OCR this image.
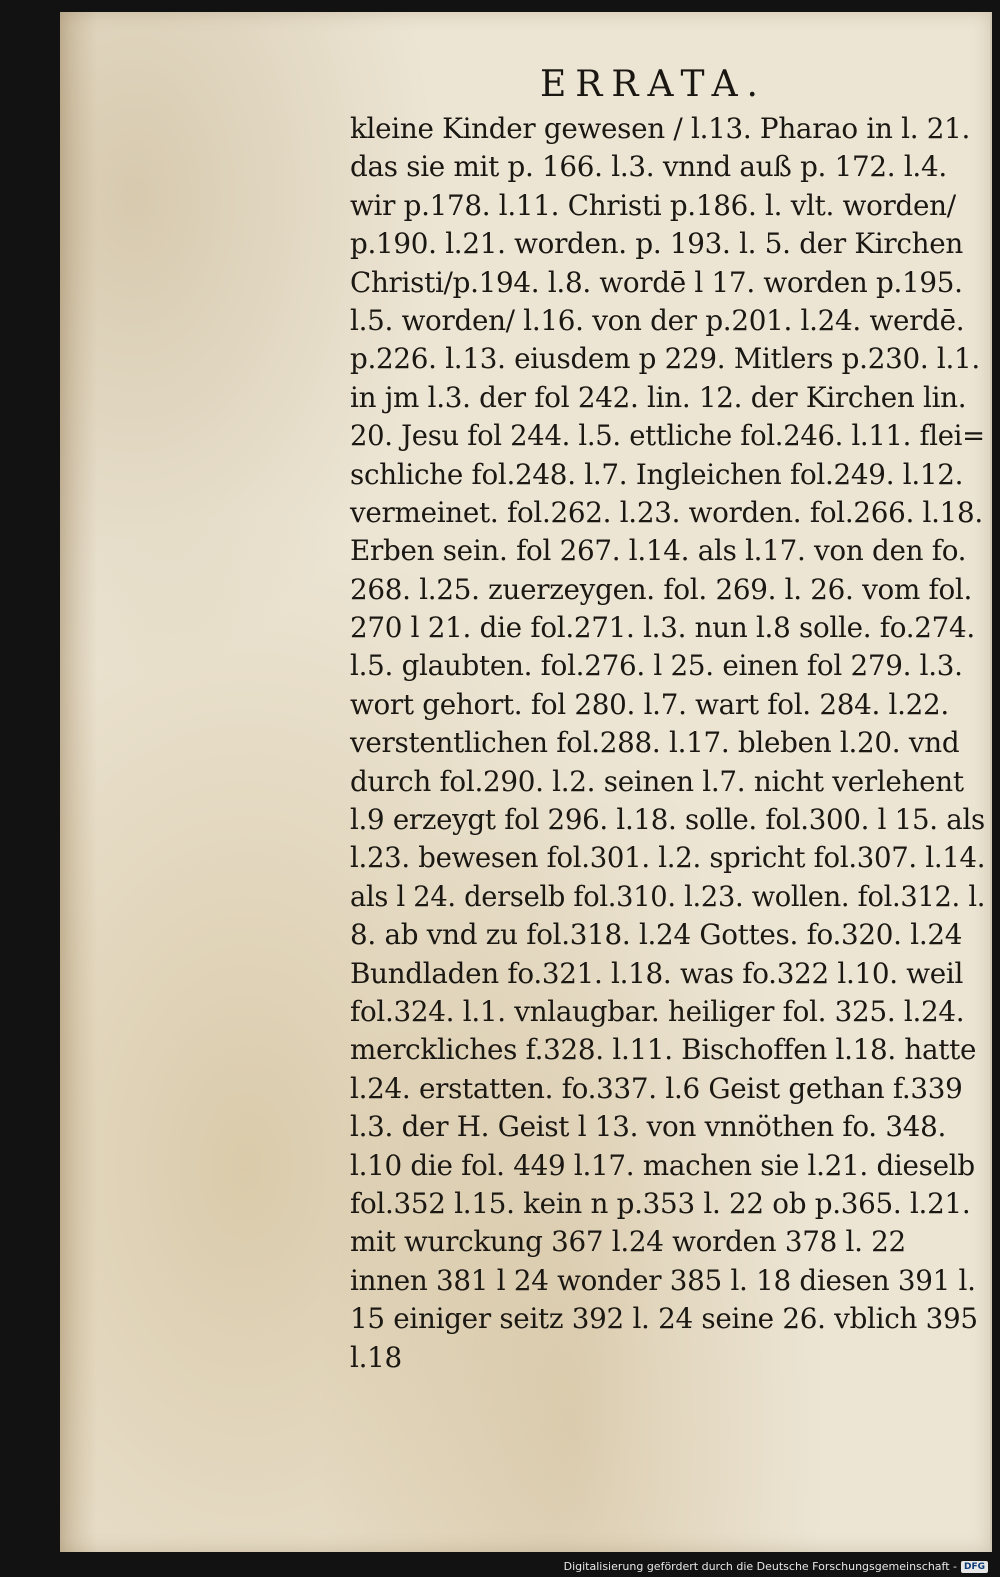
ERRATA.
kleine Kinder gewesen / l.13. Pharao in l. 21.
das sie mit p. 166. l.3. vnnd auß p. 172. l.4.
wir p.178. l.11. Christi p.186. l. vlt. worden/
p.190. l.21. worden. p. 193. l. 5. der Kirchen
Christi/p.194. l.8. wordē l 17. worden p.195.
l.5. worden/ l.16. von der p.201. l.24. werdē.
p.226. l.13. eiusdem p 229. Mitlers p.230. l.1.
in jm l.3. der fol 242. lin. 12. der Kirchen lin.
20. Jesu fol 244. l.5. ettliche fol.246. l.11. flei=
schliche fol.248. l.7. Ingleichen fol.249. l.12.
vermeinet. fol.262. l.23. worden. fol.266. l.18.
Erben sein. fol 267. l.14. als l.17. von den fo.
268. l.25. zuerzeygen. fol. 269. l. 26. vom fol.
270 l 21. die fol.271. l.3. nun l.8 solle. fo.274.
l.5. glaubten. fol.276. l 25. einen fol 279. l.3.
wort gehort. fol 280. l.7. wart fol. 284. l.22.
verstentlichen fol.288. l.17. bleben l.20. vnd
durch fol.290. l.2. seinen l.7. nicht verlehent
l.9 erzeygt fol 296. l.18. solle. fol.300. l 15. als
l.23. bewesen fol.301. l.2. spricht fol.307. l.14.
als l 24. derselb fol.310. l.23. wollen. fol.312. l.
8. ab vnd zu fol.318. l.24 Gottes. fo.320. l.24
Bundladen fo.321. l.18. was fo.322 l.10. weil
fol.324. l.1. vnlaugbar. heiliger fol. 325. l.24.
merckliches f.328. l.11. Bischoffen l.18. hatte
l.24. erstatten. fo.337. l.6 Geist gethan f.339
l.3. der H. Geist l 13. von vnnöthen fo. 348.
l.10 die fol. 449 l.17. machen sie l.21. dieselb
fol.352 l.15. kein n p.353 l. 22 ob p.365. l.21.
mit wurckung 367 l.24 worden 378 l. 22
innen 381 l 24 wonder 385 l. 18 diesen 391 l.
15 einiger seitz 392 l. 24 seine 26. vblich 395
l.18
Digitalisierung gefördert durch die Deutsche Forschungsgemeinschaft - DFG
